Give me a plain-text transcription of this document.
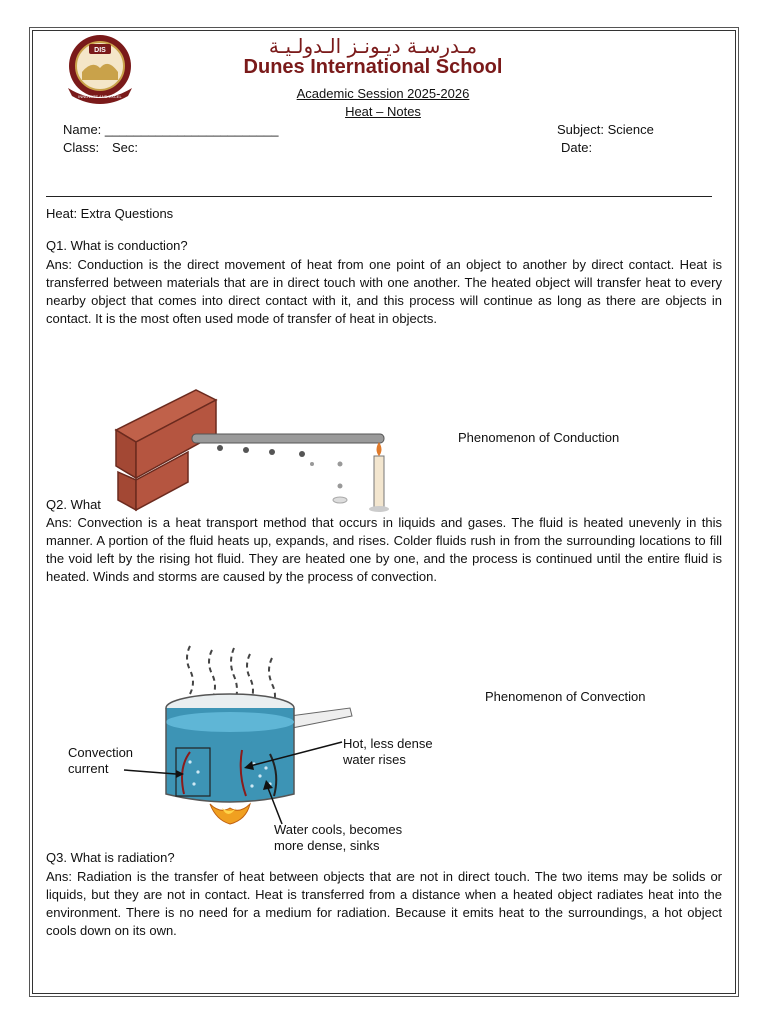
DIS
INNOVATE AND EXCEL
مـدرسـة ديـونـز الـدولـيـة
Dunes International School
Academic Session 2025-2026
Heat – Notes
Name: ________________________
Class: Sec:
Subject: Science
Date:
Heat: Extra Questions
Q1. What is conduction?
Ans: Conduction is the direct movement of heat from one point of an object to another by direct contact. Heat is transferred between materials that are in direct touch with one another. The heated object will transfer heat to every nearby object that comes into direct contact with it, and this process will continue as long as there are objects in contact. It is the most often used mode of transfer of heat in objects.
Phenomenon of Conduction
Q2. What
Ans: Convection is a heat transport method that occurs in liquids and gases. The fluid is heated unevenly in this manner. A portion of the fluid heats up, expands, and rises. Colder fluids rush in from the surrounding locations to fill the void left by the rising hot fluid. They are heated one by one, and the process is continued until the entire fluid is heated. Winds and storms are caused by the process of convection.
Convection current
Hot, less dense water rises
Water cools, becomes more dense, sinks
Phenomenon of Convection
Q3. What is radiation?
Ans: Radiation is the transfer of heat between objects that are not in direct touch. The two items may be solids or liquids, but they are not in contact. Heat is transferred from a distance when a heated object radiates heat into the environment. There is no need for a medium for radiation. Because it emits heat to the surroundings, a hot object cools down on its own.
